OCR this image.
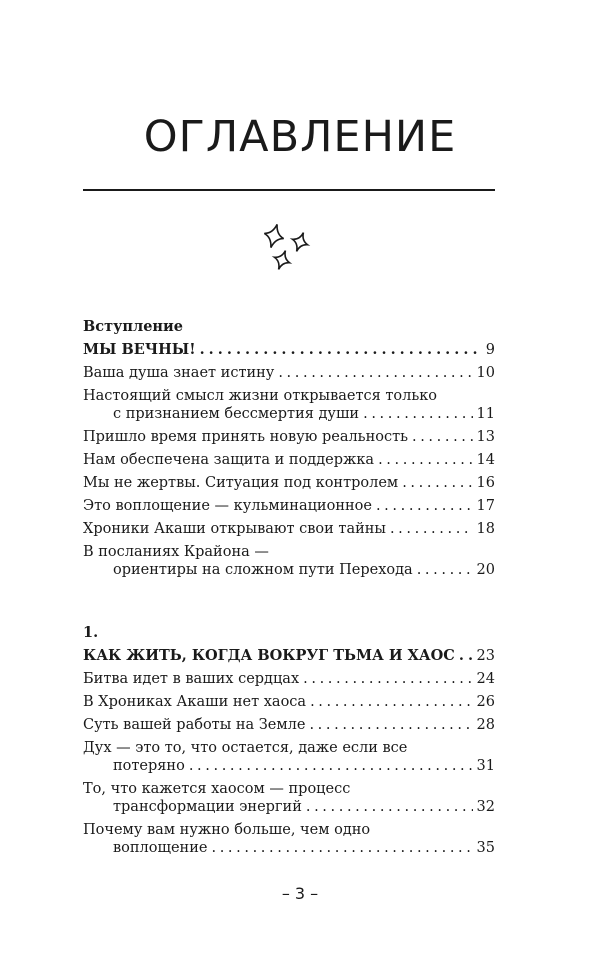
ОГЛАВЛЕНИЕ
Вступление
МЫ ВЕЧНЫ! . . .	9
Ваша душа знает истину . . .	10
Настоящий смысл жизни открывается только
с признанием бессмертия души . . .	11
Пришло время принять новую реальность . . .	13
Нам обеспечена защита и поддержка . . .	14
Мы не жертвы. Ситуация под контролем . . .	16
Это воплощение — кульминационное . . .	17
Хроники Акаши открывают свои тайны . . .	18
В посланиях Крайона —
ориентиры на сложном пути Перехода . . .	20
1.
КАК ЖИТЬ, КОГДА ВОКРУГ ТЬМА И ХАОС . . . 23
Битва идет в ваших сердцах . . .	24
В Хрониках Акаши нет хаоса . . .	26
Суть вашей работы на Земле . . .	28
Дух — это то, что остается, даже если все
потеряно . . .	31
То, что кажется хаосом — процесс
трансформации энергий . . .	32
Почему вам нужно больше, чем одно
воплощение . . .	35
– 3 –
